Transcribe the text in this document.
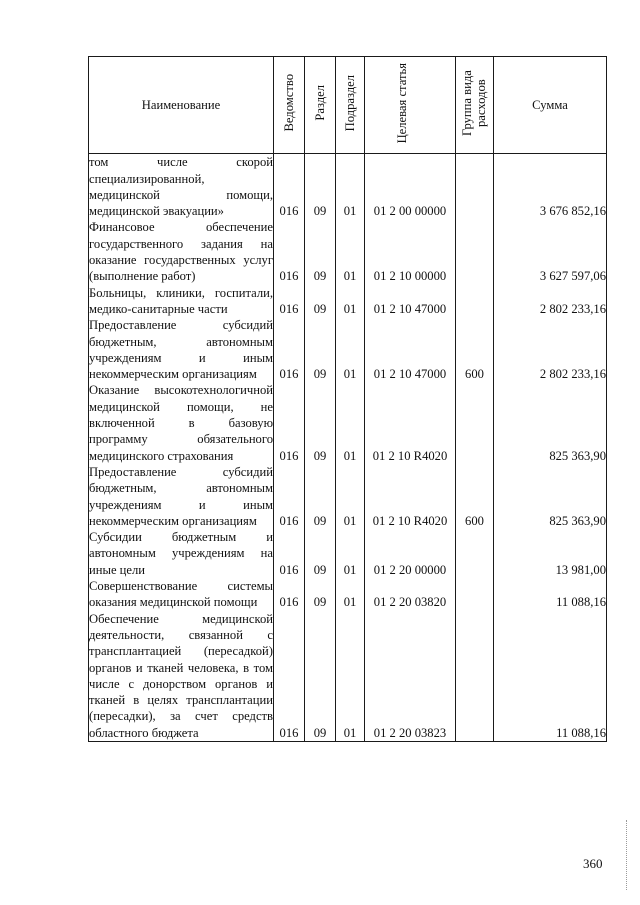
Наименование	Ведомство	Раздел	Подраздел	Целевая статья	Группа вида расходов	Сумма
том числе скорой специализированной, медицинской помощи, медицинской эвакуации»	016	09	01	01 2 00 00000		3 676 852,16
Финансовое обеспечение государственного задания на оказание государственных услуг (выполнение работ)	016	09	01	01 2 10 00000		3 627 597,06
Больницы, клиники, госпитали, медико-санитарные части	016	09	01	01 2 10 47000		2 802 233,16
Предоставление субсидий бюджетным, автономным учреждениям и иным некоммерческим организациям	016	09	01	01 2 10 47000	600	2 802 233,16
Оказание высокотехнологичной медицинской помощи, не включенной в базовую программу обязательного медицинского страхования	016	09	01	01 2 10 R4020		825 363,90
Предоставление субсидий бюджетным, автономным учреждениям и иным некоммерческим организациям	016	09	01	01 2 10 R4020	600	825 363,90
Субсидии бюджетным и автономным учреждениям на иные цели	016	09	01	01 2 20 00000		13 981,00
Совершенствование системы оказания медицинской помощи	016	09	01	01 2 20 03820		11 088,16
Обеспечение медицинской деятельности, связанной с трансплантацией (пересадкой) органов и тканей человека, в том числе с донорством органов и тканей в целях трансплантации (пересадки), за счет средств областного бюджета	016	09	01	01 2 20 03823		11 088,16
360
